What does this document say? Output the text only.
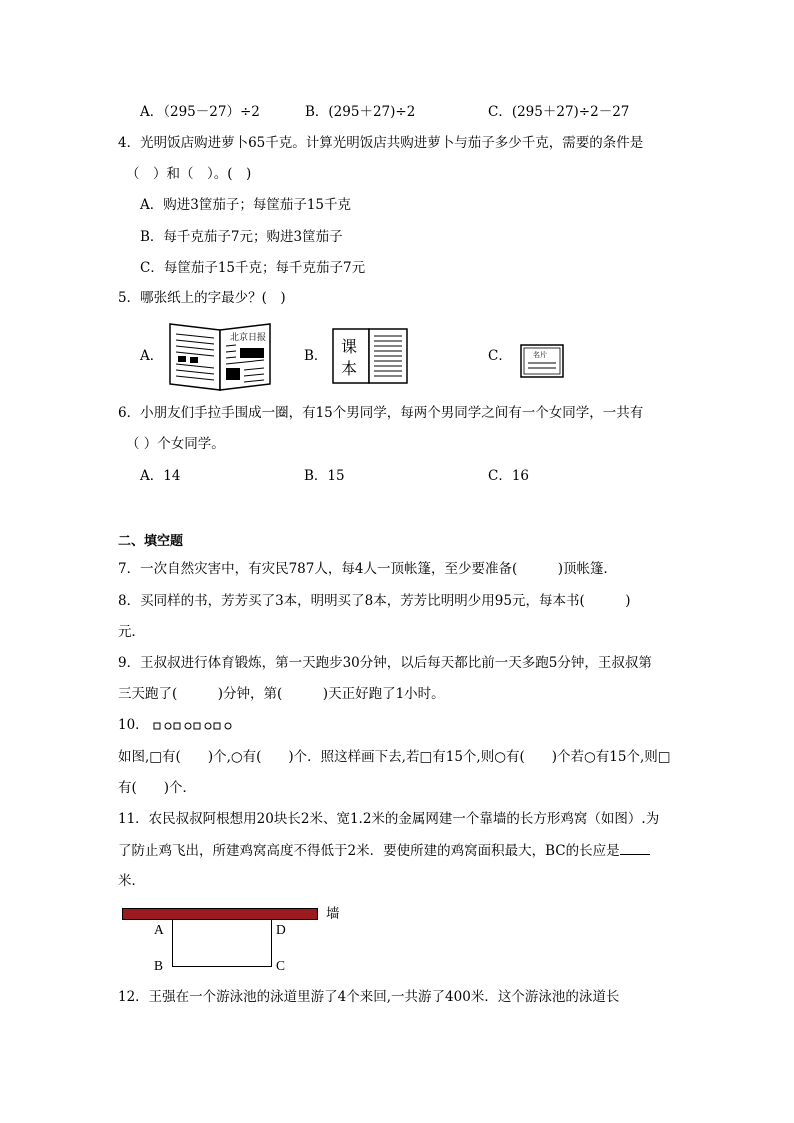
A．（295－27）÷2	B．(295＋27)÷2	C．(295＋27)÷2－27
4．光明饭店购进萝卜65千克。计算光明饭店共购进萝卜与茄子多少千克，需要的条件是
（　）和（　）。(　)
A．购进3筐茄子；每筐茄子15千克
B．每千克茄子7元；购进3筐茄子
C．每筐茄子15千克；每千克茄子7元
5．哪张纸上的字最少？(　)
A．	B．	C．
北京日报	课
本
名片
6．小朋友们手拉手围成一圈，有15个男同学，每两个男同学之间有一个女同学，一共有
（ ）个女同学。
A．14	B．15	C．16
二、填空题
7．一次自然灾害中，有灾民787人，每4人一顶帐篷，至少要准备(　　　)顶帐篷．
8．买同样的书，芳芳买了3本，明明买了8本，芳芳比明明少用95元，每本书(　　　)
元．
9．王叔叔进行体育锻炼，第一天跑步30分钟，以后每天都比前一天多跑5分钟，王叔叔第
三天跑了(　　　)分钟，第(　　　)天正好跑了1小时。
10．
如图,□有(　　)个,○有(　　)个．照这样画下去,若□有15个,则○有(　　)个若○有15个,则□
有(　　)个．
11．农民叔叔阿根想用20块长2米、宽1.2米的金属网建一个靠墙的长方形鸡窝（如图）.为
了防止鸡飞出，所建鸡窝高度不得低于2米．要使所建的鸡窝面积最大，BC的长应是
米．
墙
A	D
B	C
12．王强在一个游泳池的泳道里游了4个来回,一共游了400米．这个游泳池的泳道长
